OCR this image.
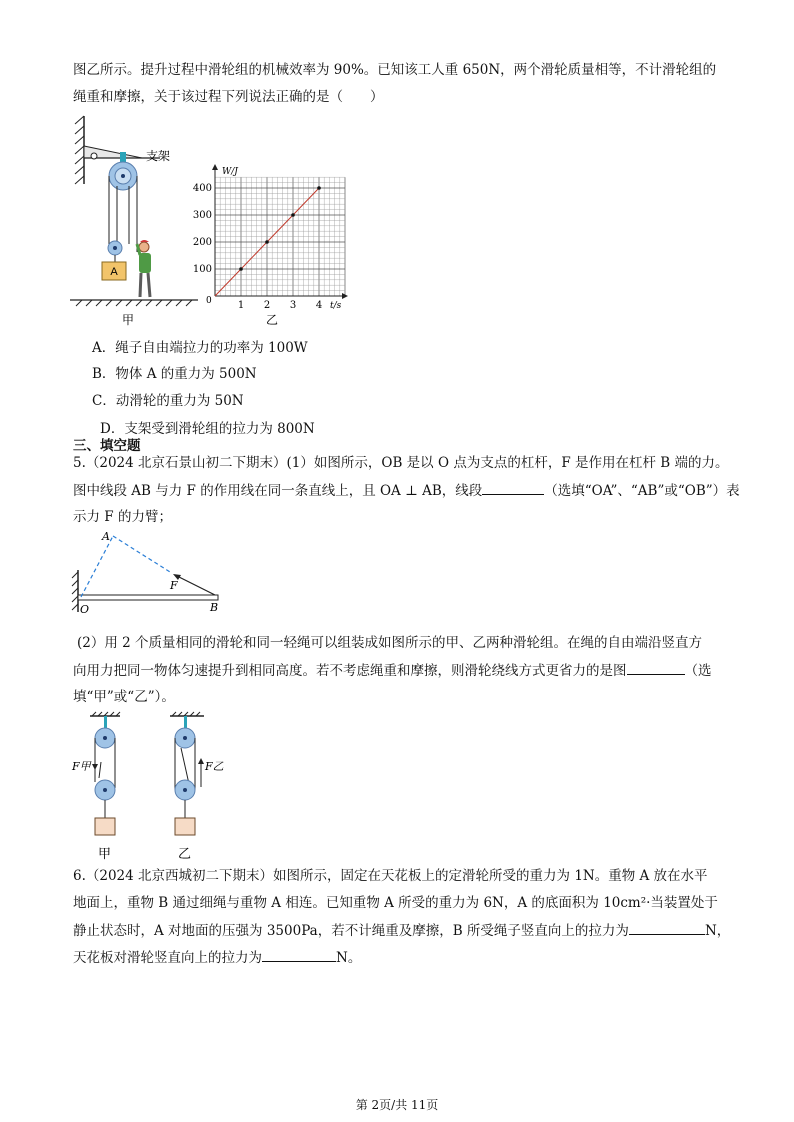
图乙所示。提升过程中滑轮组的机械效率为 90%。已知该工人重 650N，两个滑轮质量相等，不计滑轮组的
绳重和摩擦，关于该过程下列说法正确的是（　　）
A
支架
甲
W/J
t/s
0	1 2 3 4
100
200
300
400
乙
A．绳子自由端拉力的功率为 100W
B．物体 A 的重力为 500N
C．动滑轮的重力为 50N
D．支架受到滑轮组的拉力为 800N
三、填空题
5.（2024 北京石景山初二下期末）(1）如图所示，OB 是以 O 点为支点的杠杆，F 是作用在杠杆 B 端的力。
图中线段 AB 与力 F 的作用线在同一条直线上，且 OA ⊥ AB，线段	（选填“OA”、“AB”或“OB”）表
示力 F 的力臂；
A
F
O	B
(2）用 2 个质量相同的滑轮和同一轻绳可以组装成如图所示的甲、乙两种滑轮组。在绳的自由端沿竖直方
向用力把同一物体匀速提升到相同高度。若不考虑绳重和摩擦，则滑轮绕线方式更省力的是图	（选
填“甲”或“乙”）。
F甲
甲
F乙
乙
6.（2024 北京西城初二下期末）如图所示，固定在天花板上的定滑轮所受的重力为 1N。重物 A 放在水平
地面上，重物 B 通过细绳与重物 A 相连。已知重物 A 所受的重力为 6N，A 的底面积为 10cm²·当装置处于
静止状态时，A 对地面的压强为 3500Pa，若不计绳重及摩擦，B 所受绳子竖直向上的拉力为	N，
天花板对滑轮竖直向上的拉力为	N。
第 2页/共 11页
